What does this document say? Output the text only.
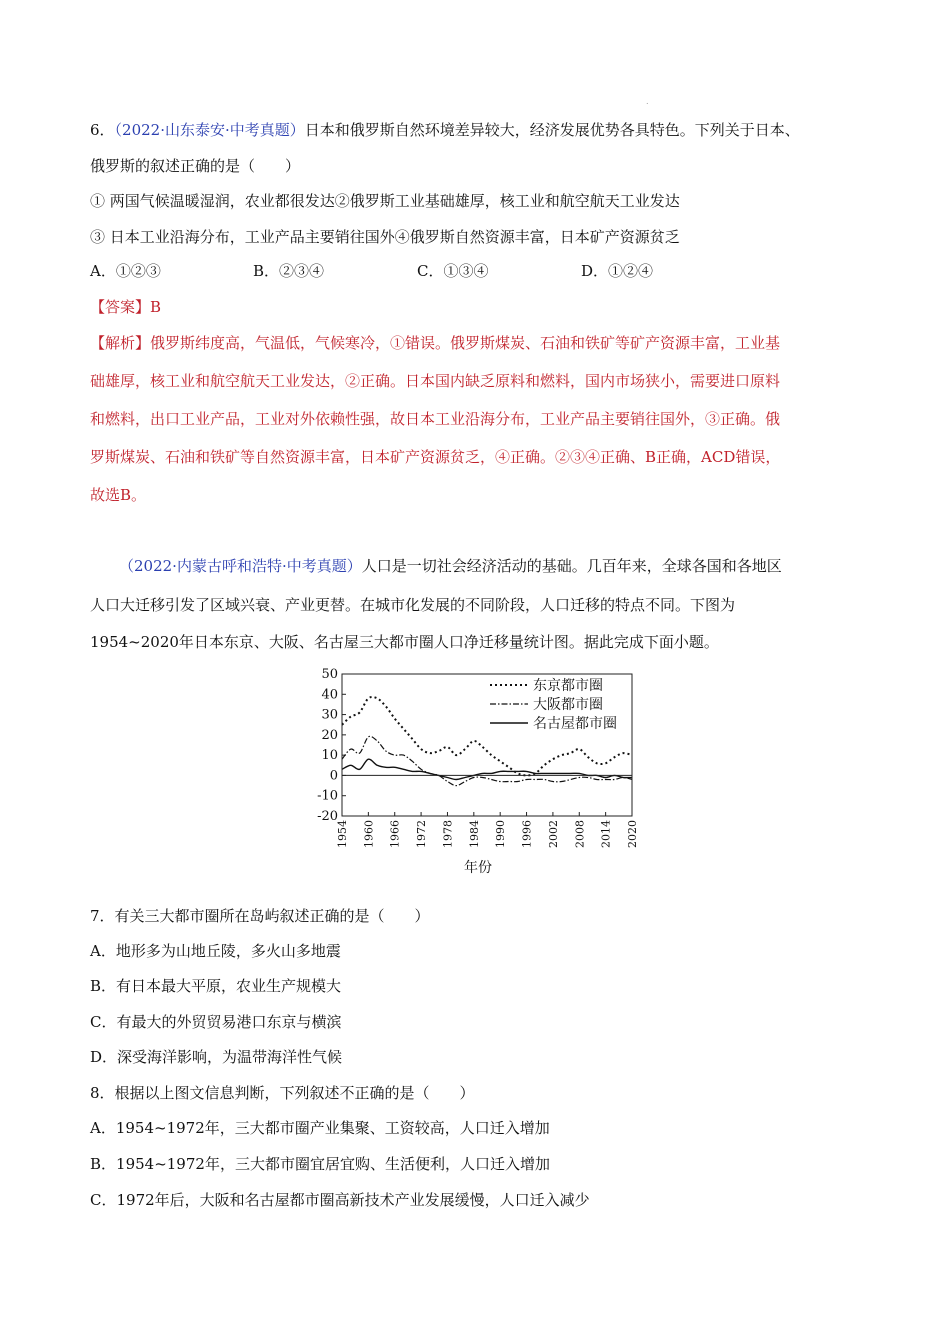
.
6．（2022·山东泰安·中考真题）日本和俄罗斯自然环境差异较大，经济发展优势各具特色。下列关于日本、
俄罗斯的叙述正确的是（　　）
① 两国气候温暖湿润，农业都很发达②俄罗斯工业基础雄厚，核工业和航空航天工业发达
③ 日本工业沿海分布，工业产品主要销往国外④俄罗斯自然资源丰富，日本矿产资源贫乏
A．①②③	B．②③④	C．①③④	D．①②④
【答案】B
【解析】俄罗斯纬度高，气温低，气候寒冷，①错误。俄罗斯煤炭、石油和铁矿等矿产资源丰富，工业基
础雄厚，核工业和航空航天工业发达，②正确。日本国内缺乏原料和燃料，国内市场狭小，需要进口原料
和燃料，出口工业产品，工业对外依赖性强，故日本工业沿海分布，工业产品主要销往国外，③正确。俄
罗斯煤炭、石油和铁矿等自然资源丰富，日本矿产资源贫乏，④正确。②③④正确、B正确，ACD错误，
故选B。
（2022·内蒙古呼和浩特·中考真题）人口是一切社会经济活动的基础。几百年来，全球各国和各地区
人口大迁移引发了区域兴衰、产业更替。在城市化发展的不同阶段，人口迁移的特点不同。下图为
1954~2020年日本东京、大阪、名古屋三大都市圈人口净迁移量统计图。据此完成下面小题。
50
40
30
20
10
0
-10
-20
1954 1960 1966 1972 1978 1984 1990 1996 2002 2008 2014 2020
东京都市圈
大阪都市圈
名古屋都市圈
年份
7．有关三大都市圈所在岛屿叙述正确的是（　　）
A．地形多为山地丘陵，多火山多地震
B．有日本最大平原，农业生产规模大
C．有最大的外贸贸易港口东京与横滨
D．深受海洋影响，为温带海洋性气候
8．根据以上图文信息判断，下列叙述不正确的是（　　）
A．1954~1972年，三大都市圈产业集聚、工资较高，人口迁入增加
B．1954~1972年，三大都市圈宜居宜购、生活便利，人口迁入增加
C．1972年后，大阪和名古屋都市圈高新技术产业发展缓慢，人口迁入减少
